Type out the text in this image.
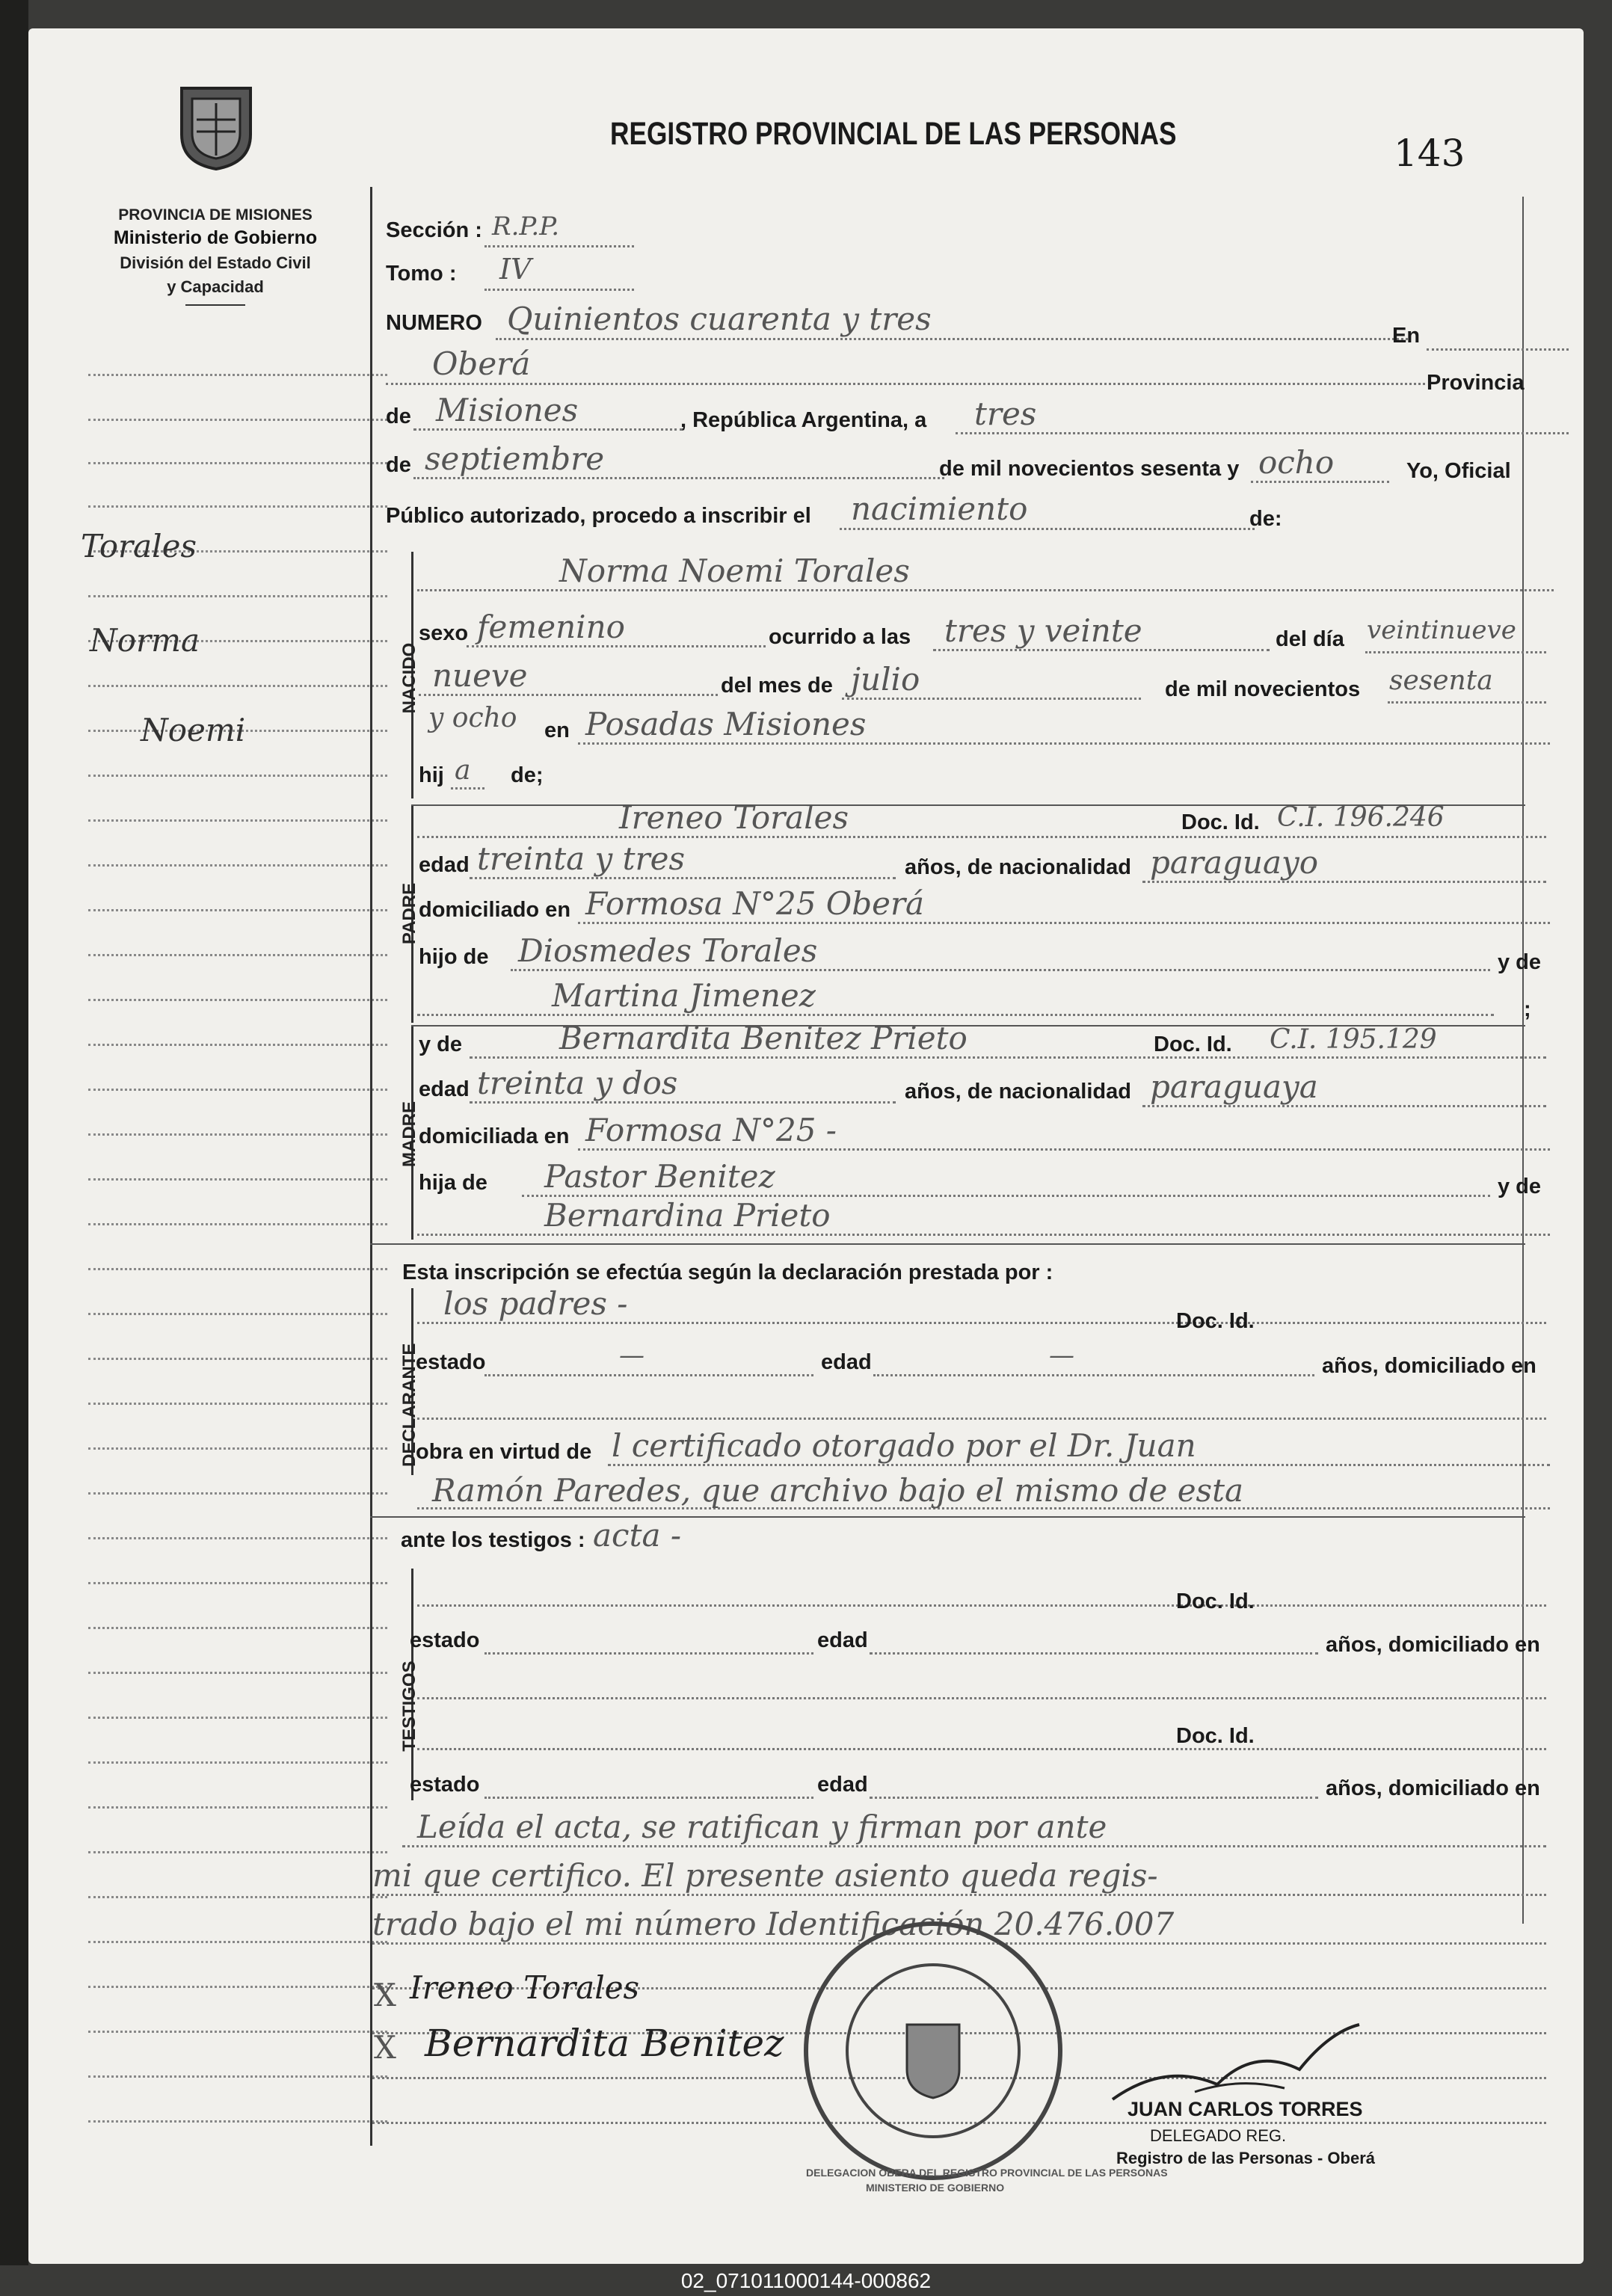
PROVINCIA DE MISIONES
Ministerio de Gobierno
División del Estado Civil
y Capacidad
REGISTRO PROVINCIAL DE LAS PERSONAS	143
Torales
Norma
Noemi
Sección : R.P.P.
Tomo : IV
NUMERO Quinientos cuarenta y tres	En
Oberá
Provincia
de Misiones	, República Argentina, a tres
de septiembre	de mil novecientos sesenta y ocho	Yo, Oficial
Público autorizado, procedo a inscribir el nacimiento	de:
NACIDO
Norma Noemi Torales
sexo femenino	ocurrido a las tres y veinte	del día veintinueve
nueve	del mes de julio	de mil novecientos sesenta
y ocho en Posadas Misiones
hij a de;
PADRE
Ireneo Torales	Doc. Id. C.I. 196.246
edad treinta y tres	años, de nacionalidad paraguayo
domiciliado en Formosa N°25 Oberá
hijo de Diosmedes Torales	y de
Martina Jimenez	;
MADRE
y de	Bernardita Benitez Prieto	Doc. Id. C.I. 195.129
edad treinta y dos	años, de nacionalidad paraguaya
domiciliada en Formosa N°25 -
hija de Pastor Benitez	y de
Bernardina Prieto
Esta inscripción se efectúa según la declaración prestada por :
DECLARANTE
los padres -	Doc. Id.
estado	—	edad	—	años, domiciliado en
obra en virtud de l certificado otorgado por el Dr. Juan
Ramón Paredes, que archivo bajo el mismo de esta
ante los testigos : acta -
TESTIGOS
Doc. Id.
estado	edad	años, domiciliado en
Doc. Id.
estado	edad	años, domiciliado en
Leída el acta, se ratifican y firman por ante
mi que certifico. El presente asiento queda regis-
trado bajo el mi número Identificación 20.476.007
X Ireneo Torales
X Bernardita Benitez
DELEGACION OBERA DEL REGISTRO PROVINCIAL DE LAS PERSONAS
MINISTERIO DE GOBIERNO
JUAN CARLOS TORRES
DELEGADO REG.
Registro de las Personas - Oberá
02_071011000144-000862
